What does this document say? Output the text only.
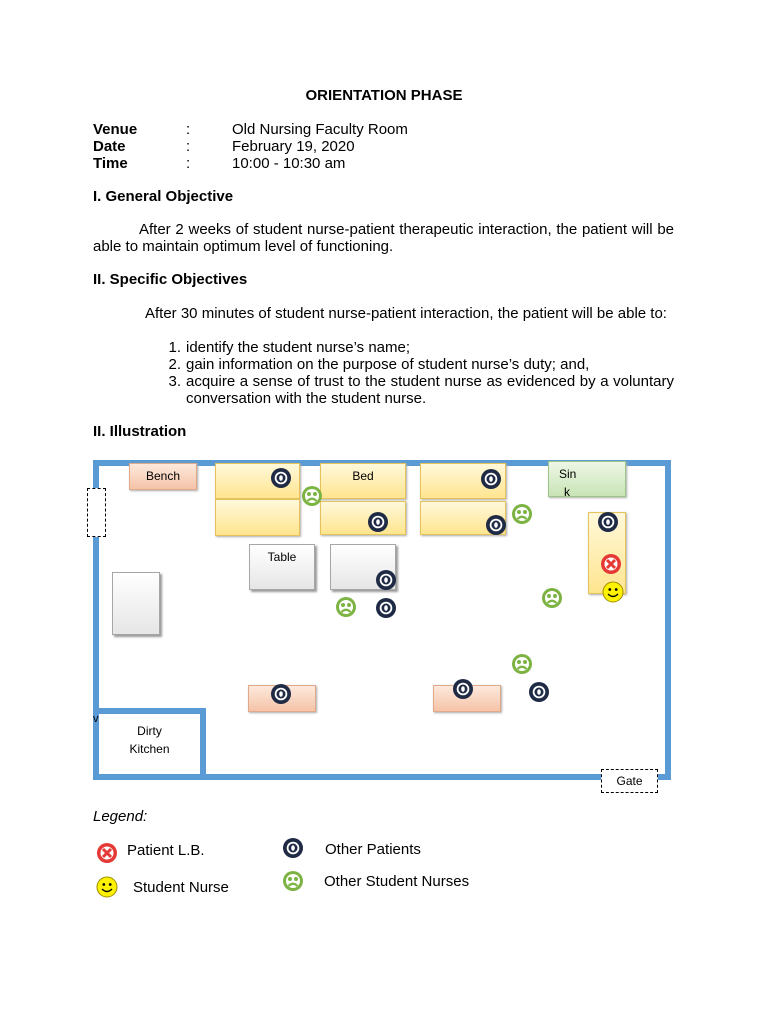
ORIENTATION PHASE
Venue	:	Old Nursing Faculty Room
Date	:	February 19, 2020
Time	:	10:00 - 10:30 am
I. General Objective
After 2 weeks of student nurse-patient therapeutic interaction, the patient will be able to maintain optimum level of functioning.
II. Specific Objectives
After 30 minutes of student nurse-patient interaction, the patient will be able to:
1. identify the student nurse’s name;
2. gain information on the purpose of student nurse’s duty; and,
3. acquire a sense of trust to the student nurse as evidenced by a voluntary conversation with the student nurse.
II. Illustration
Dirty
Kitchen
v
Gate
Bench	Bed	Sin
k
Table
Legend:
Patient L.B.
Student Nurse
Other Patients
Other Student Nurses
